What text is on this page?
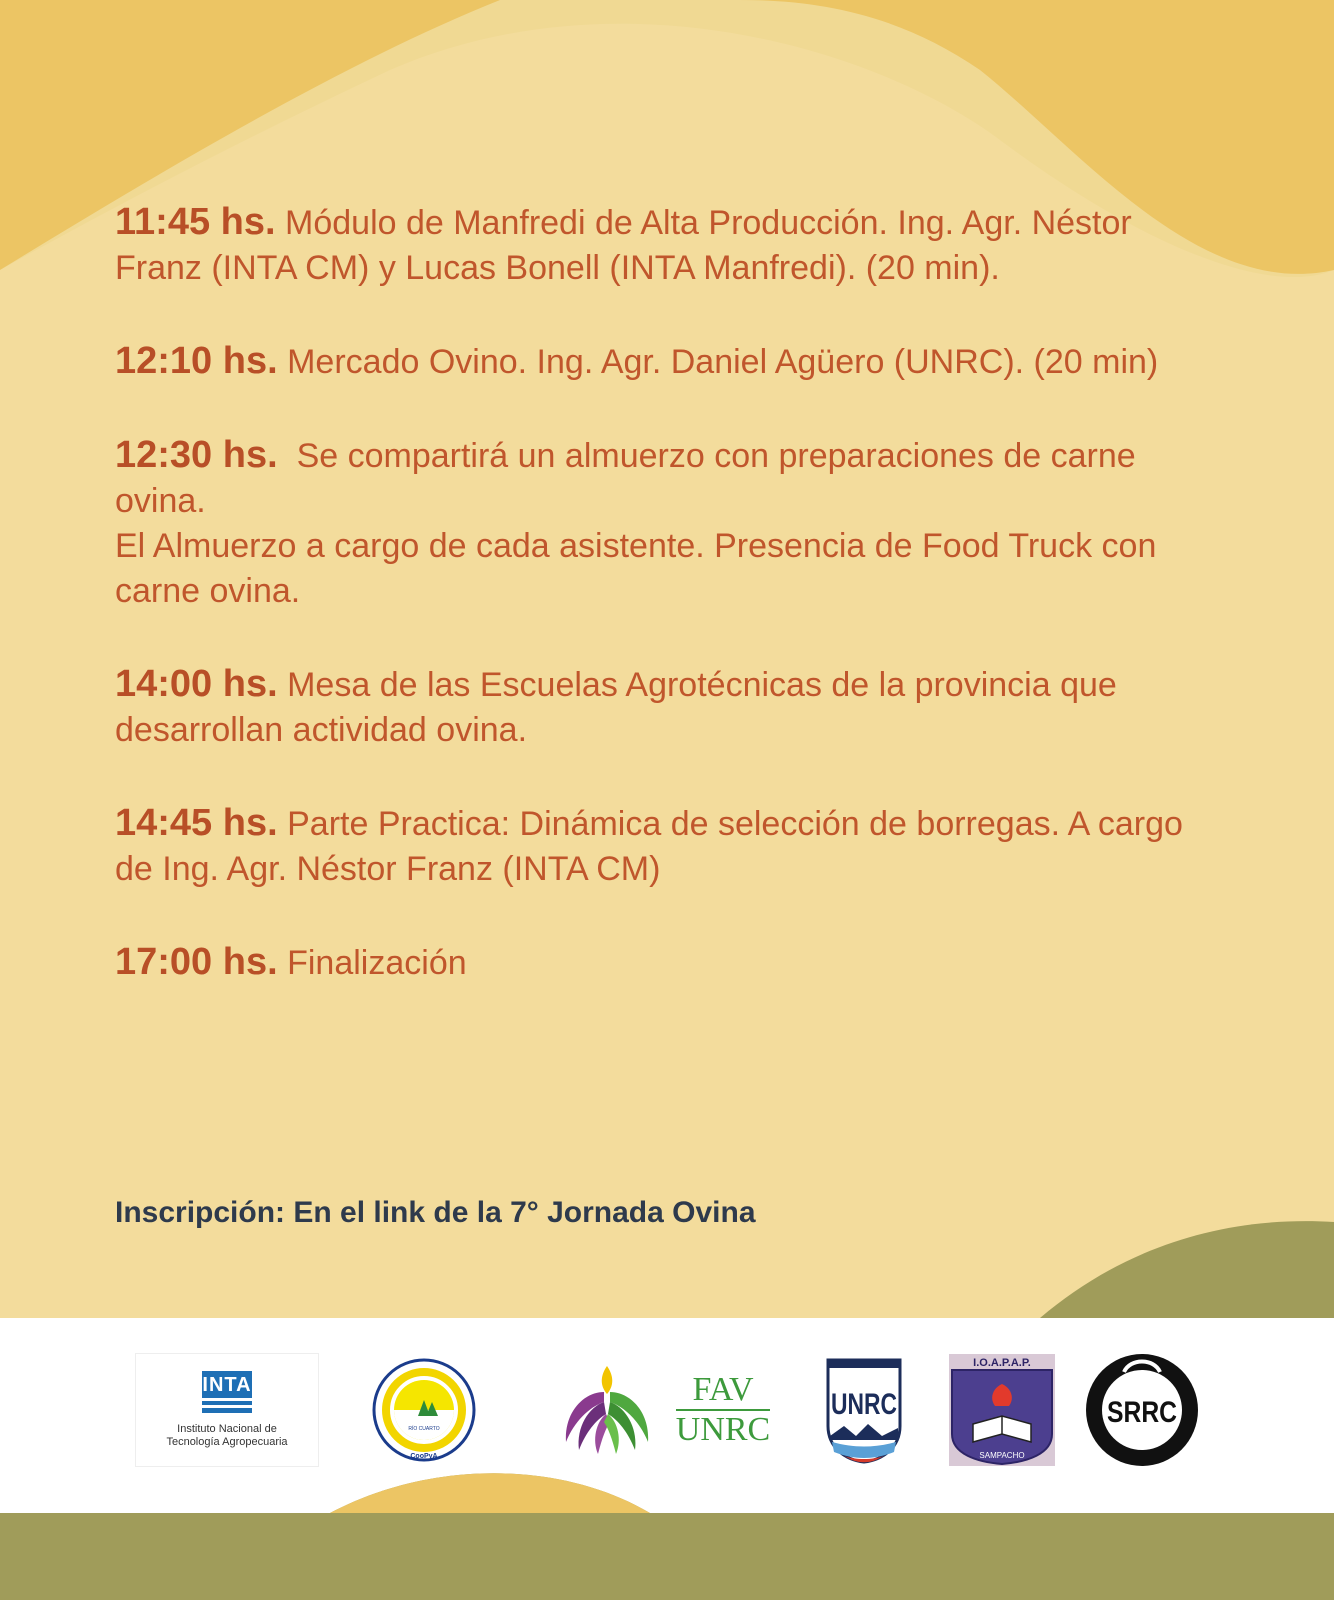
11:45 hs. Módulo de Manfredi de Alta Producción. Ing. Agr. Néstor Franz (INTA CM) y Lucas Bonell (INTA Manfredi). (20 min).

12:10 hs. Mercado Ovino. Ing. Agr. Daniel Agüero (UNRC). (20 min)

12:30 hs. Se compartirá un almuerzo con preparaciones de carne ovina.
El Almuerzo a cargo de cada asistente. Presencia de Food Truck con carne ovina.

14:00 hs. Mesa de las Escuelas Agrotécnicas de la provincia que desarrollan actividad ovina.

14:45 hs. Parte Practica: Dinámica de selección de borregas. A cargo de Ing. Agr. Néstor Franz (INTA CM)

17:00 hs. Finalización

Inscripción: En el link de la 7° Jornada Ovina
INTA
Instituto Nacional de
Tecnología Agropecuaria
RÍO CUARTO
CooPyA
FAV
UNRC
UNRC
I.O.A.P.A.P.
SAMPACHO
SRRC
